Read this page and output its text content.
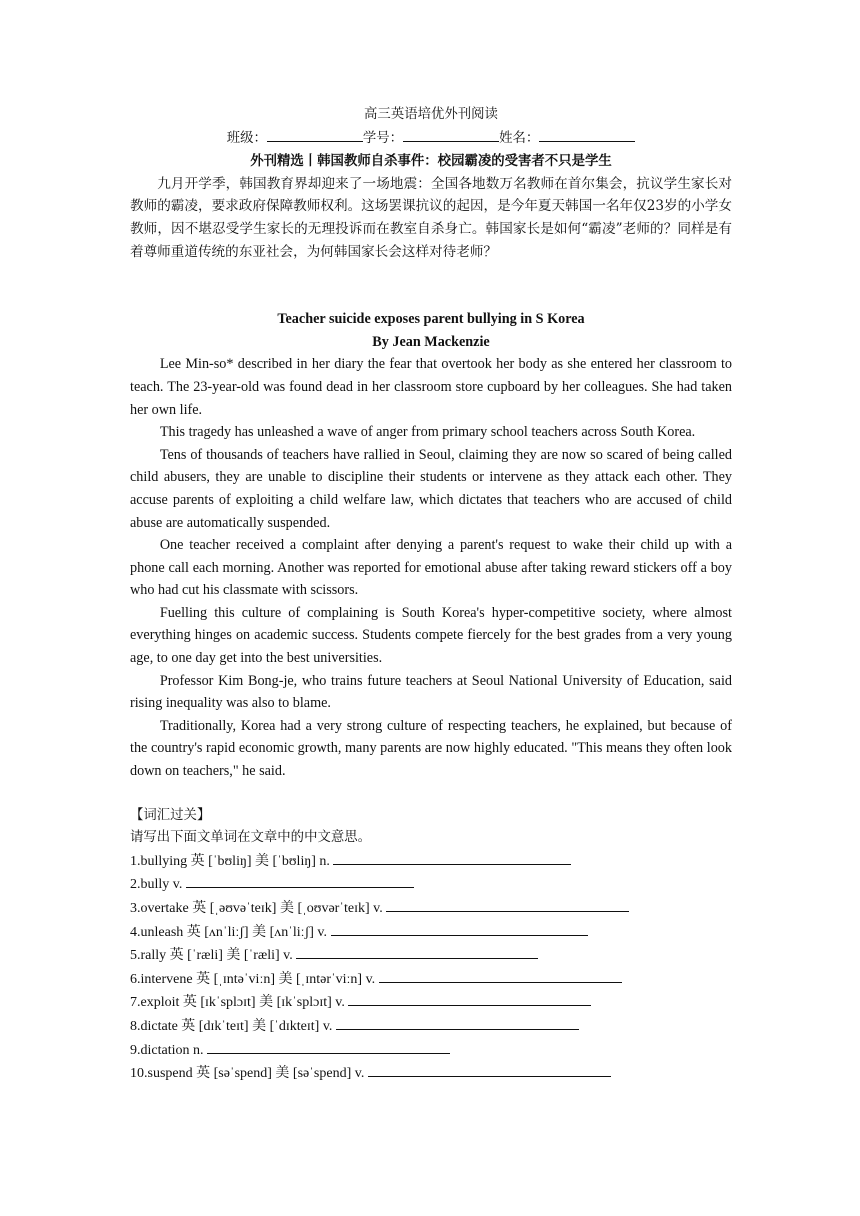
高三英语培优外刊阅读
班级：	学号：	姓名：
外刊精选丨韩国教师自杀事件：校园霸凌的受害者不只是学生
九月开学季，韩国教育界却迎来了一场地震：全国各地数万名教师在首尔集会，抗议学生家长对教师的霸凌，要求政府保障教师权利。这场罢课抗议的起因，是今年夏天韩国一名年仅23岁的小学女教师，因不堪忍受学生家长的无理投诉而在教室自杀身亡。韩国家长是如何“霸凌”老师的？同样是有着尊师重道传统的东亚社会，为何韩国家长会这样对待老师？
Teacher suicide exposes parent bullying in S Korea
By Jean Mackenzie

Lee Min-so* described in her diary the fear that overtook her body as she entered her classroom to teach. The 23-year-old was found dead in her classroom store cupboard by her colleagues. She had taken her own life.

This tragedy has unleashed a wave of anger from primary school teachers across South Korea.

Tens of thousands of teachers have rallied in Seoul, claiming they are now so scared of being called child abusers, they are unable to discipline their students or intervene as they attack each other. They accuse parents of exploiting a child welfare law, which dictates that teachers who are accused of child abuse are automatically suspended.

One teacher received a complaint after denying a parent's request to wake their child up with a phone call each morning. Another was reported for emotional abuse after taking reward stickers off a boy who had cut his classmate with scissors.

Fuelling this culture of complaining is South Korea's hyper-competitive society, where almost everything hinges on academic success. Students compete fiercely for the best grades from a very young age, to one day get into the best universities.

Professor Kim Bong-je, who trains future teachers at Seoul National University of Education, said rising inequality was also to blame.

Traditionally, Korea had a very strong culture of respecting teachers, he explained, but because of the country's rapid economic growth, many parents are now highly educated. "This means they often look down on teachers," he said.

【词汇过关】
请写出下面文单词在文章中的中文意思。
1.bullying 英 [ˈbʊliŋ] 美 [ˈbʊliŋ] n.
2.bully v.
3.overtake 英 [ˌəʊvəˈteɪk] 美 [ˌoʊvərˈteɪk] v.
4.unleash 英 [ʌnˈliːʃ] 美 [ʌnˈliːʃ] v.
5.rally 英 [ˈræli] 美 [ˈræli] v.
6.intervene 英 [ˌɪntəˈviːn] 美 [ˌɪntərˈviːn] v.
7.exploit 英 [ɪkˈsplɔɪt] 美 [ɪkˈsplɔɪt] v.
8.dictate 英 [dɪkˈteɪt] 美 [ˈdɪkteɪt] v.
9.dictation n.
10.suspend 英 [səˈspend] 美 [səˈspend] v.
